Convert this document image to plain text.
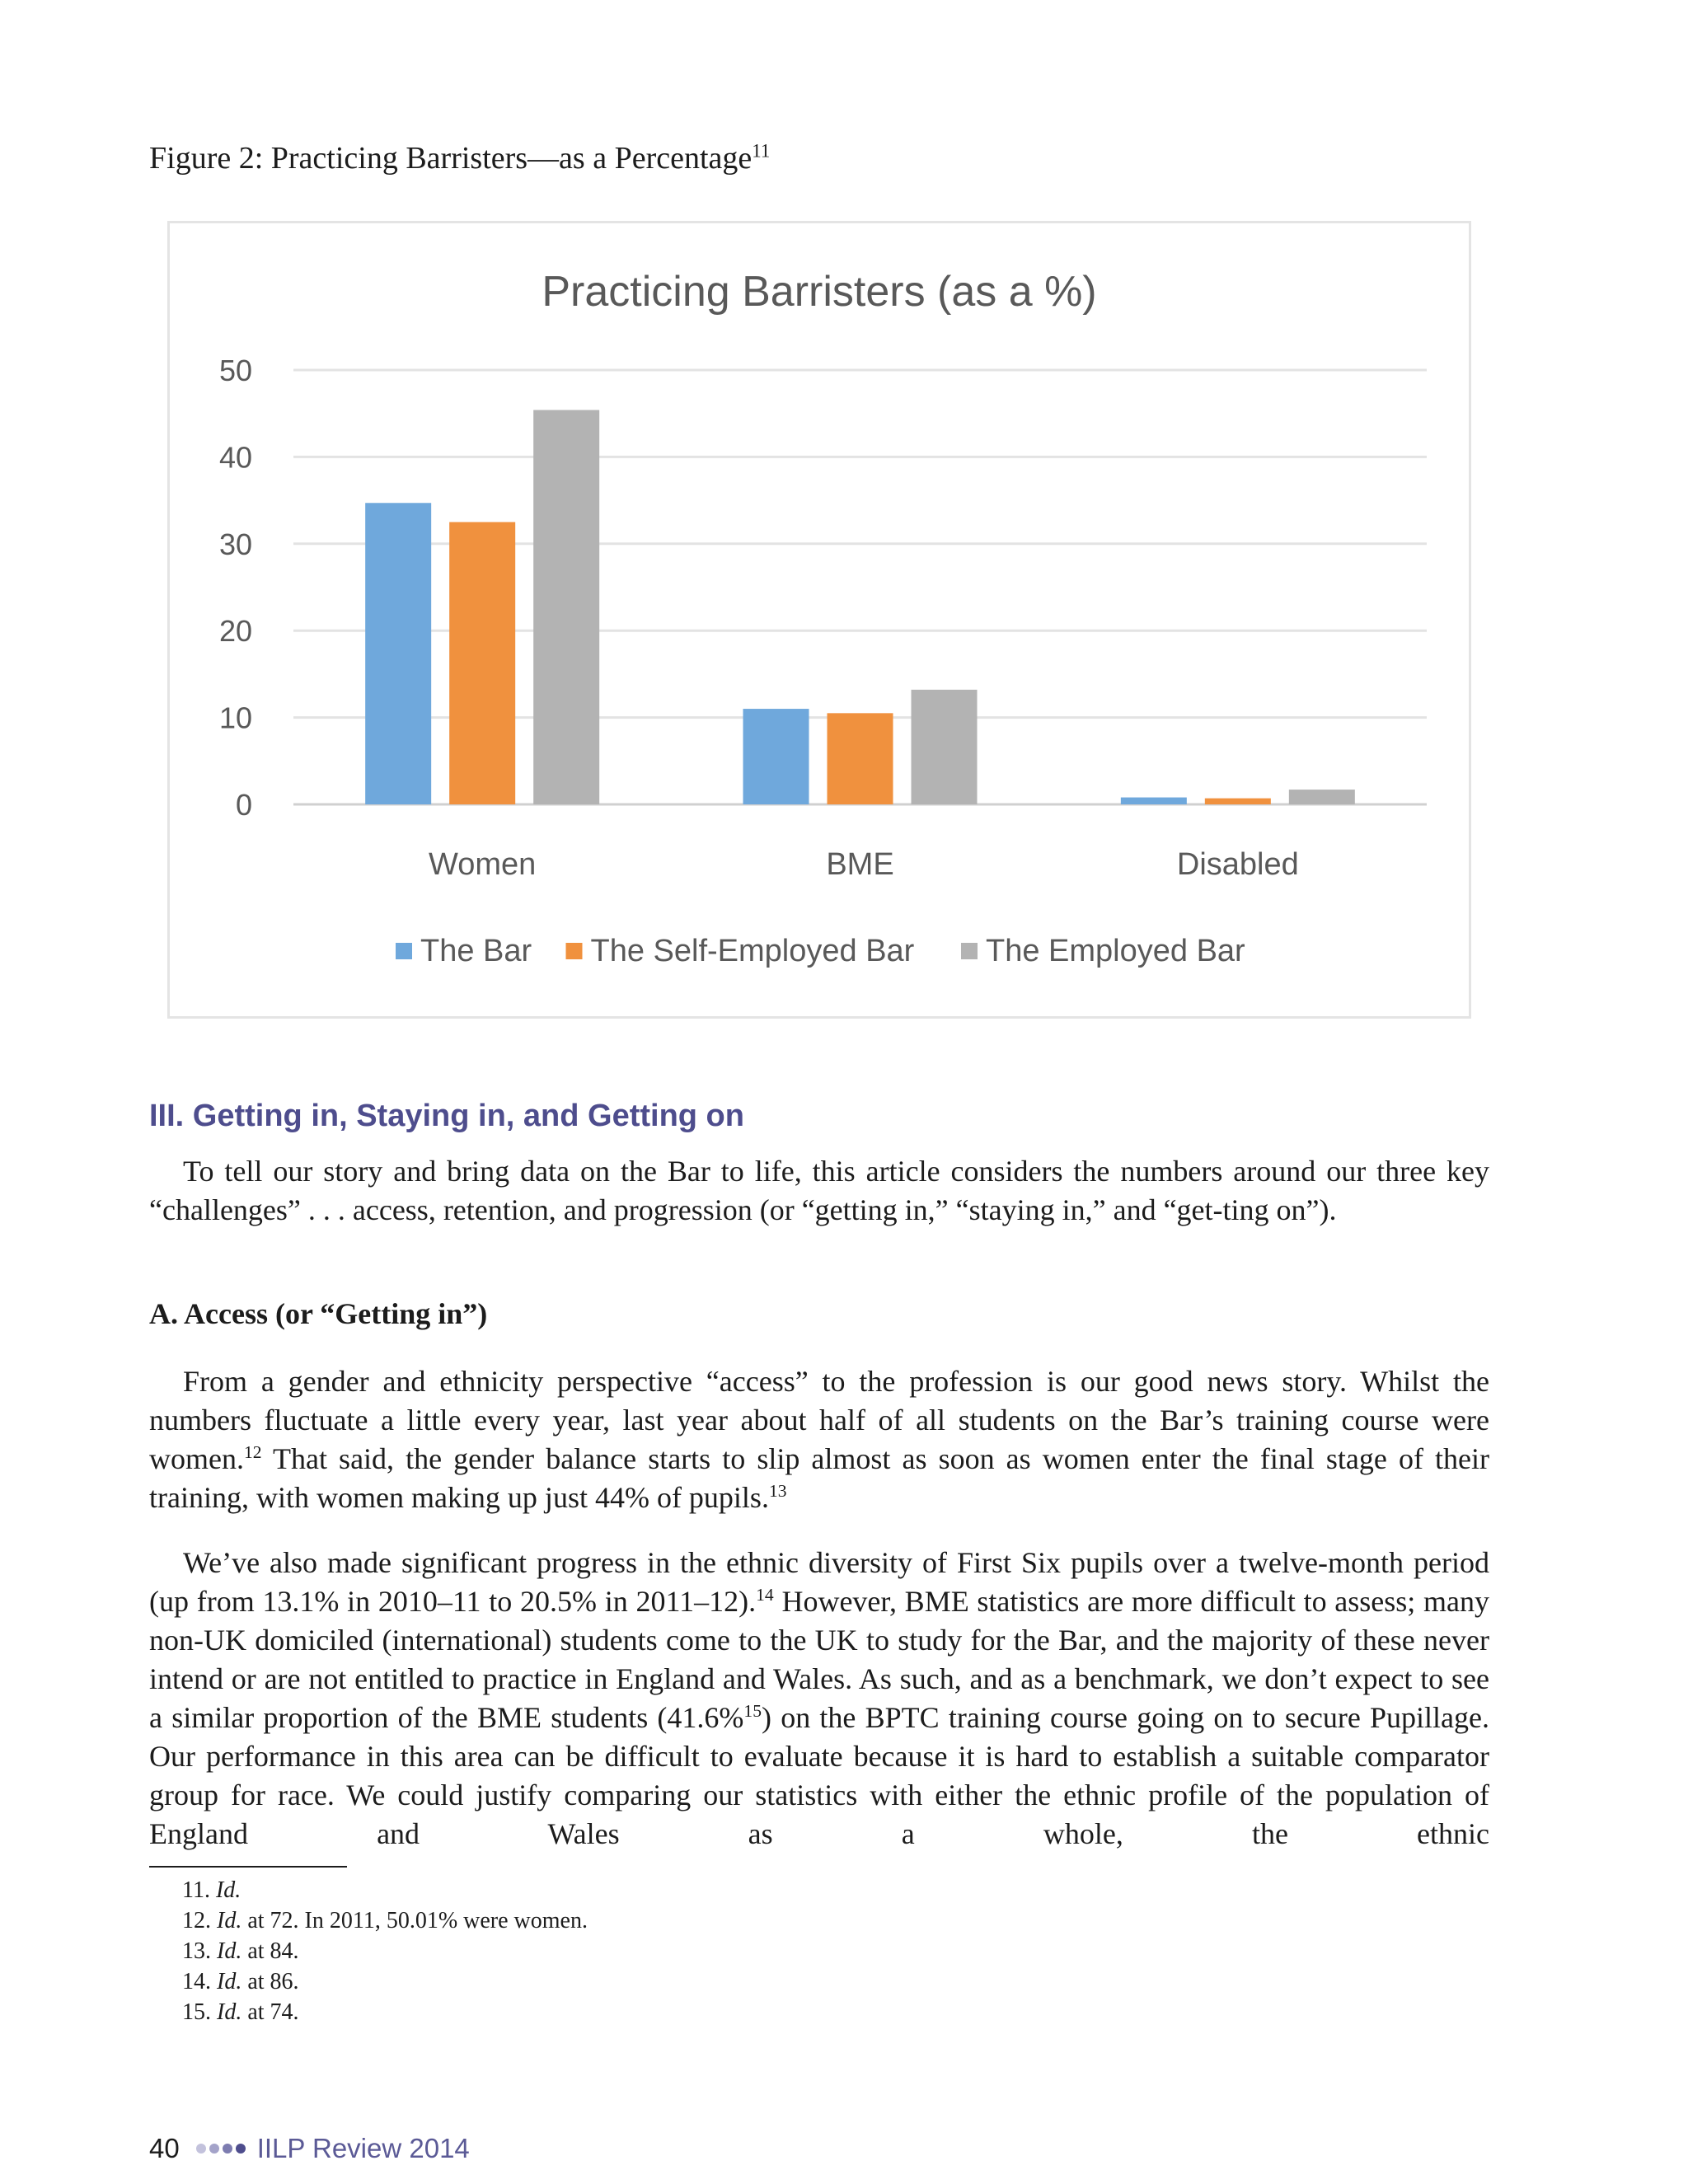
Figure 2: Practicing Barristers—as a Percentage$^{11}$
Practicing Barristers (as a %)
0
10
20
30
40
50
Women	BME	Disabled
The Bar The Self-Employed Bar The Employed Bar
III. Getting in, Staying in, and Getting on
To tell our story and bring data on the Bar to life, this article considers the numbers around our three key “challenges” . . . access, retention, and progression (or “getting in,” “staying in,” and “get-ting on”).
A. Access (or “Getting in”)
From a gender and ethnicity perspective “access” to the profession is our good news story. Whilst the numbers fluctuate a little every year, last year about half of all students on the Bar’s training course were women.$^{12}$ That said, the gender balance starts to slip almost as soon as women enter the final stage of their training, with women making up just 44% of pupils.$^{13}$
We’ve also made significant progress in the ethnic diversity of First Six pupils over a twelve-month period (up from 13.1% in 2010–11 to 20.5% in 2011–12).$^{14}$ However, BME statistics are more difficult to assess; many non-UK domiciled (international) students come to the UK to study for the Bar, and the majority of these never intend or are not entitled to practice in England and Wales. As such, and as a benchmark, we don’t expect to see a similar proportion of the BME students (41.6%$^{15}$) on the BPTC training course going on to secure Pupillage. Our performance in this area can be difficult to evaluate because it is hard to establish a suitable comparator group for race. We could justify comparing our statistics with either the ethnic profile of the population of England and Wales as a whole, the ethnic
11. Id.
12. Id. at 72. In 2011, 50.01% were women.
13. Id. at 84.
14. Id. at 86.
15. Id. at 74.
40	IILP Review 2014
